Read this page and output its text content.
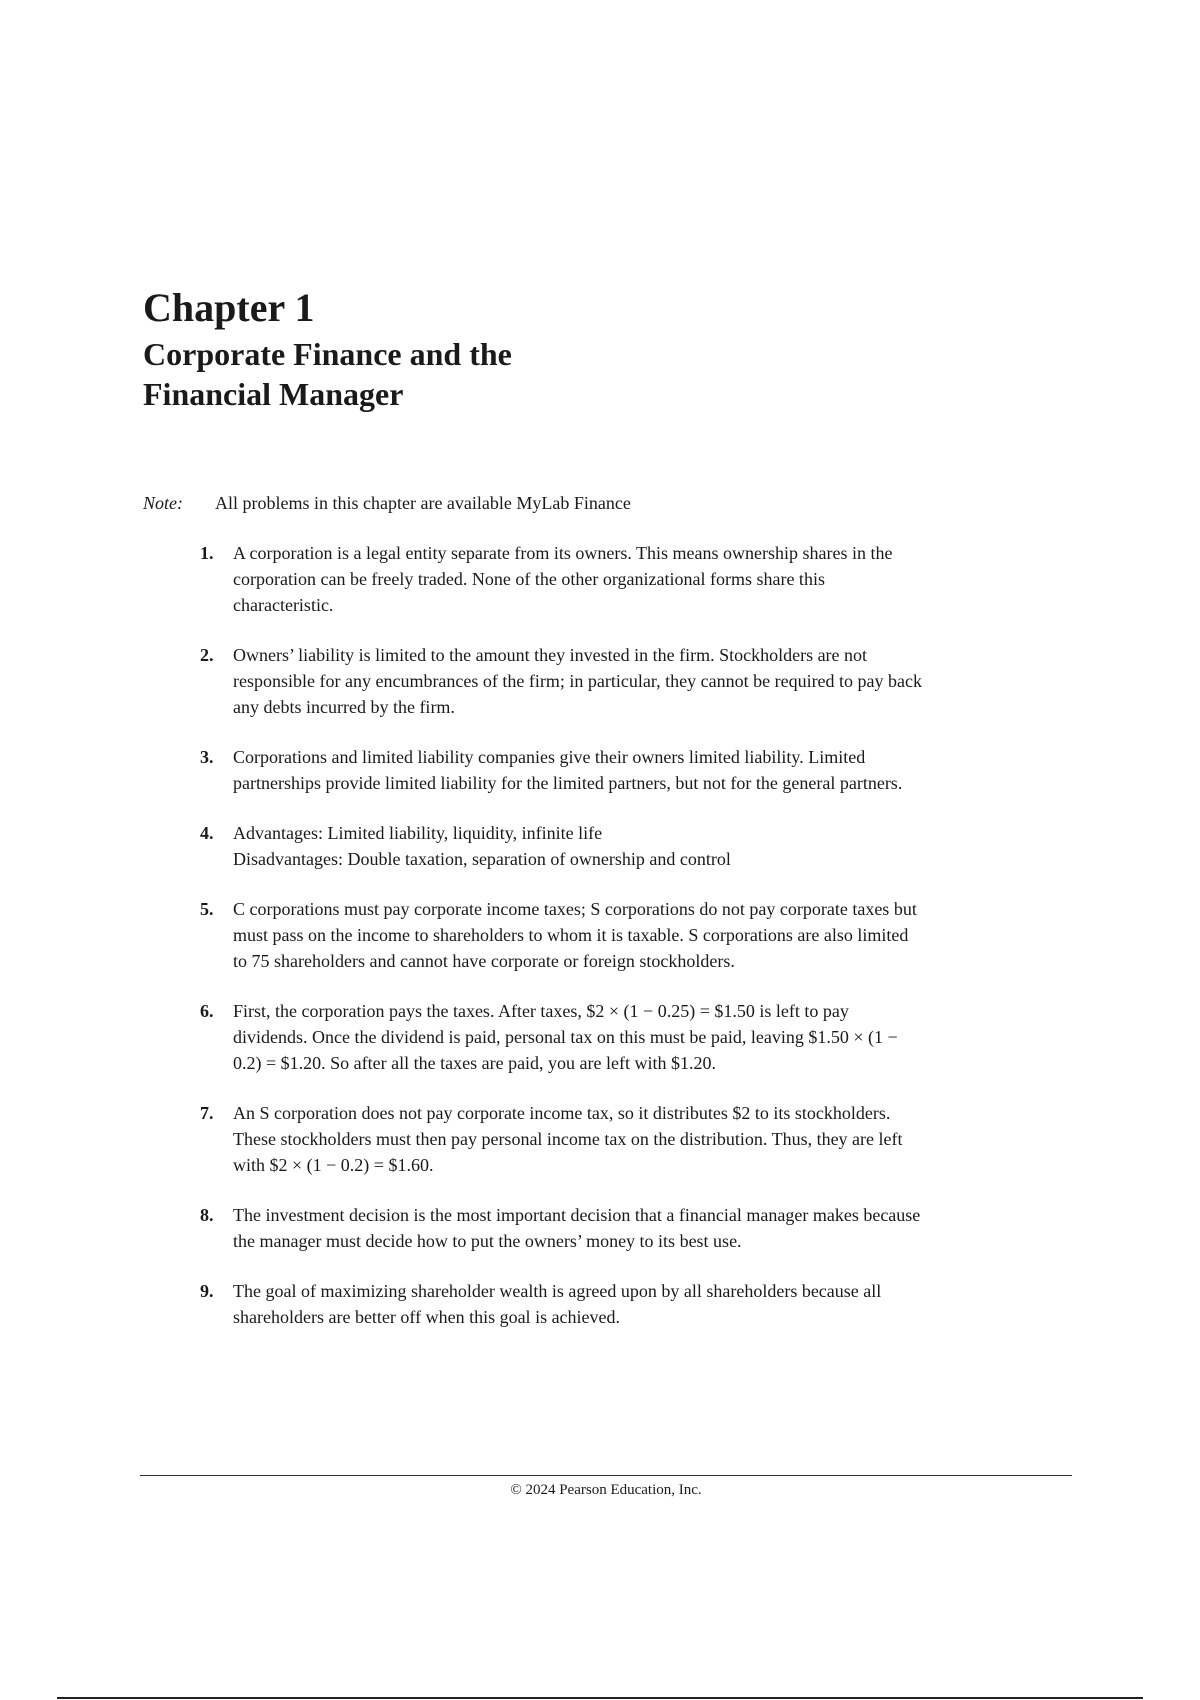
Chapter 1
Corporate Finance and the
Financial Manager
Note:	All problems in this chapter are available MyLab Finance
1.	A corporation is a legal entity separate from its owners. This means ownership shares in the
corporation can be freely traded. None of the other organizational forms share this
characteristic.
2.	Owners’ liability is limited to the amount they invested in the firm. Stockholders are not
responsible for any encumbrances of the firm; in particular, they cannot be required to pay back
any debts incurred by the firm.
3.	Corporations and limited liability companies give their owners limited liability. Limited
partnerships provide limited liability for the limited partners, but not for the general partners.
4.	Advantages: Limited liability, liquidity, infinite life
Disadvantages: Double taxation, separation of ownership and control
5.	C corporations must pay corporate income taxes; S corporations do not pay corporate taxes but
must pass on the income to shareholders to whom it is taxable. S corporations are also limited
to 75 shareholders and cannot have corporate or foreign stockholders.
6.	First, the corporation pays the taxes. After taxes, $2 × (1 − 0.25) = $1.50 is left to pay
dividends. Once the dividend is paid, personal tax on this must be paid, leaving $1.50 × (1 −
0.2) = $1.20. So after all the taxes are paid, you are left with $1.20.
7.	An S corporation does not pay corporate income tax, so it distributes $2 to its stockholders.
These stockholders must then pay personal income tax on the distribution. Thus, they are left
with $2 × (1 − 0.2) = $1.60.
8.	The investment decision is the most important decision that a financial manager makes because
the manager must decide how to put the owners’ money to its best use.
9.	The goal of maximizing shareholder wealth is agreed upon by all shareholders because all
shareholders are better off when this goal is achieved.
© 2024 Pearson Education, Inc.
